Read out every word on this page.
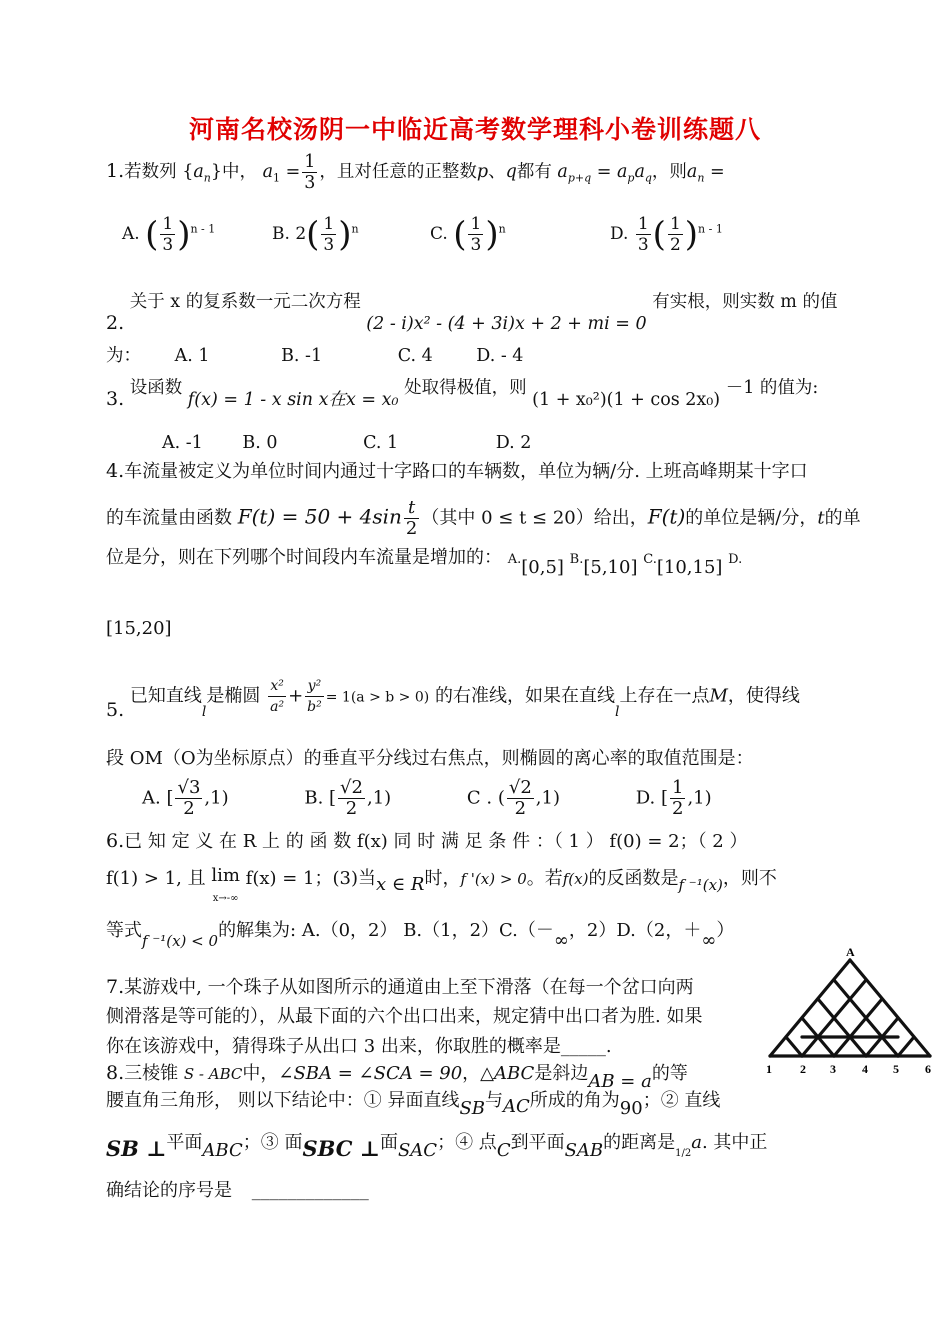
河南名校汤阴一中临近高考数学理科小卷训练题八
1.若数列 $\{a_n\}$中， $a_1 = \frac{1}{3}$ ，且对任意的正整数p、q都有 $a_{p+q} = a_pa_q$，则$a_n$ =
A. ( $\frac{1}{3} )^{n - 1}$	B. $2( \frac{1}{3} )^n$	C. ( $\frac{1}{3} )^n$	D. $\frac{1}{3}$ ( $\frac{1}{2} )^{n - 1}$
2. 关于 x 的复系数一元二次方程 (2 - i)x² - (4 + 3i)x + 2 + mi = 0 有实根，则实数 m 的值
为： A. 1	B. -1	C. 4 D. - 4
3. 设函数 f(x) = 1 - x sin x在x = x₀ 处取得极值，则 (1 + x₀²)(1 + cos 2x₀) －1 的值为:
A. -1 B. 0	C. 1	D. 2
4.车流量被定义为单位时间内通过十字路口的车辆数，单位为辆/分. 上班高峰期某十字口
的车流量由函数 $F(t) = 50 + 4\sin \frac{t}{2}$ （其中 0 ≤ t ≤ 20）给出，F(t)的单位是辆/分，t的单
位是分，则在下列哪个时间段内车流量是增加的： A.[0,5] B.[5,10] C.[10,15] D.
[15,20]
5. 已知直线$_l$是椭圆 $\frac{\text{x²}}{\text{a²}} + \frac{\text{y²}}{\text{b²}} = 1(a > b > 0)$ 的右准线，如果在直线$_l$上存在一点M，使得线
段 OM（O为坐标原点）的垂直平分线过右焦点，则椭圆的离心率的取值范围是：
A. [ $\frac{√3}{2} ,1$)	B. [ $\frac{√2}{2} ,1$)	C . ( $\frac{√2}{2} ,1$)	D. [ $\frac{1}{2} ,1$)
6.已 知 定 义 在 R 上 的 函 数 f(x) 同 时 满 足 条 件 ：（ 1 ） f(0) = 2；（ 2 ）
f(1) > 1, 且 lim
x→-∞ f(x) = 1；(3)当x ∈ R时，f '(x) > 0。若f(x)的反函数是$_{f ^{-1}(x)}$，则不
等式$_{f ^{-1}(x) < 0}$的解集为: A.（0，2） B.（1，2）C.（－∞，2）D.（2，＋∞）
7.某游戏中, 一个珠子从如图所示的通道由上至下滑落（在每一个岔口向两
侧滑落是等可能的），从最下面的六个出口出来，规定猜中出口者为胜. 如果
你在该游戏中，猜得珠子从出口 3 出来，你取胜的概率是_____.
A
1 2 3 4 5 6
8.三棱锥 S - ABC中，∠SBA = ∠SCA = 90，△ABC是斜边AB = a的等
腰直角三角形， 则以下结论中：① 异面直线SB与AC所成的角为90；② 直线
SB ⊥平面ABC；③ 面SBC ⊥面SAC；④ 点C到平面SAB的距离是$_{1/2}$a. 其中正
确结论的序号是 _____________
